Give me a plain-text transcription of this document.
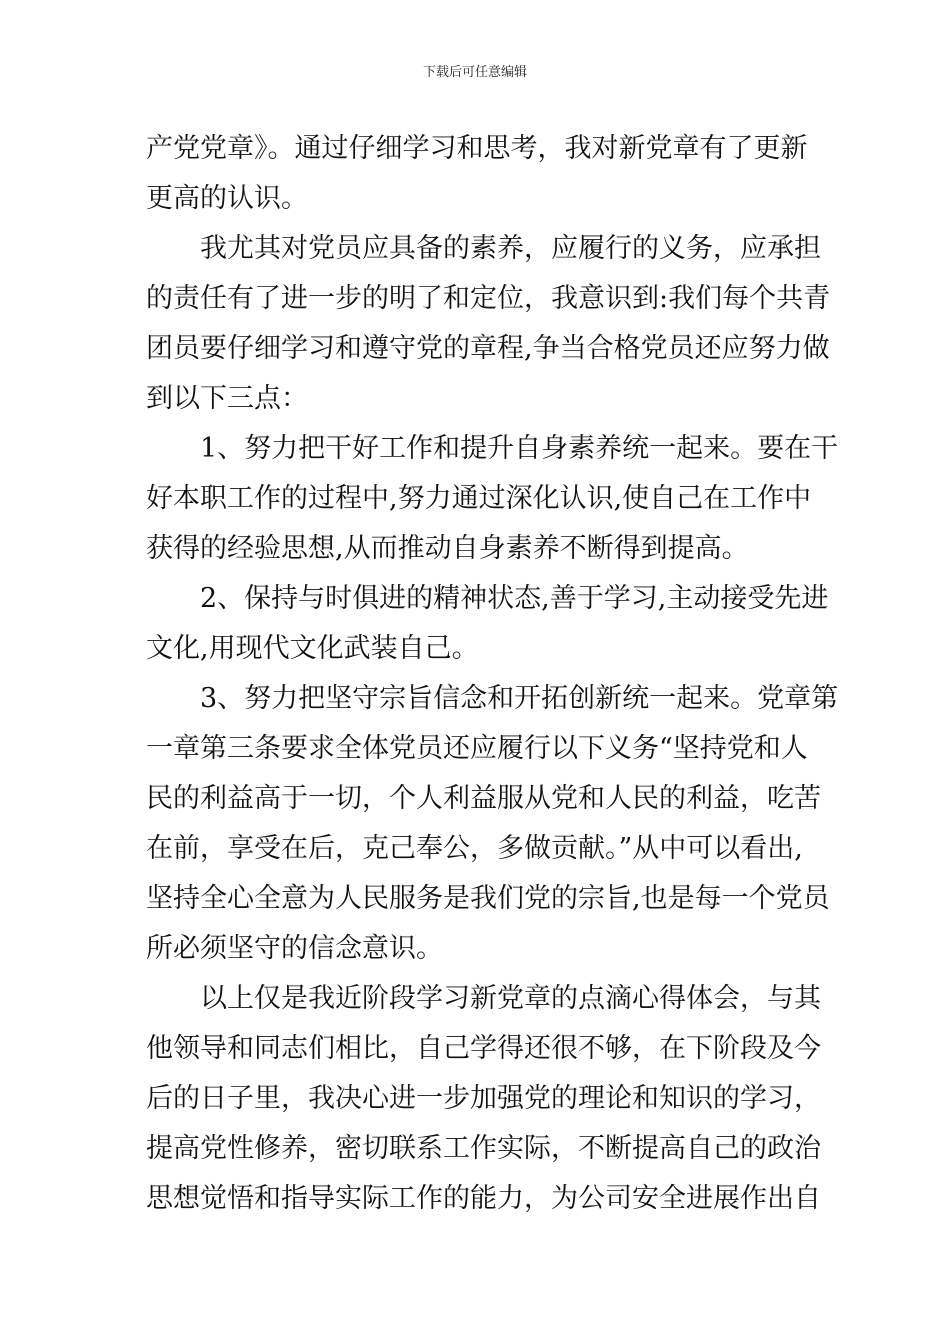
下载后可任意编辑
产党党章》。通过仔细学习和思考，我对新党章有了更新
更高的认识。
我尤其对党员应具备的素养，应履行的义务，应承担
的责任有了进一步的明了和定位，我意识到:我们每个共青
团员要仔细学习和遵守党的章程,争当合格党员还应努力做
到以下三点：
1、努力把干好工作和提升自身素养统一起来。要在干
好本职工作的过程中,努力通过深化认识,使自己在工作中
获得的经验思想,从而推动自身素养不断得到提高。
2、保持与时俱进的精神状态,善于学习,主动接受先进
文化,用现代文化武装自己。
3、努力把坚守宗旨信念和开拓创新统一起来。党章第
一章第三条要求全体党员还应履行以下义务“坚持党和人
民的利益高于一切，个人利益服从党和人民的利益，吃苦
在前，享受在后，克己奉公，多做贡献。”从中可以看出,
坚持全心全意为人民服务是我们党的宗旨,也是每一个党员
所必须坚守的信念意识。
以上仅是我近阶段学习新党章的点滴心得体会，与其
他领导和同志们相比，自己学得还很不够，在下阶段及今
后的日子里，我决心进一步加强党的理论和知识的学习，
提高党性修养，密切联系工作实际，不断提高自己的政治
思想觉悟和指导实际工作的能力，为公司安全进展作出自
